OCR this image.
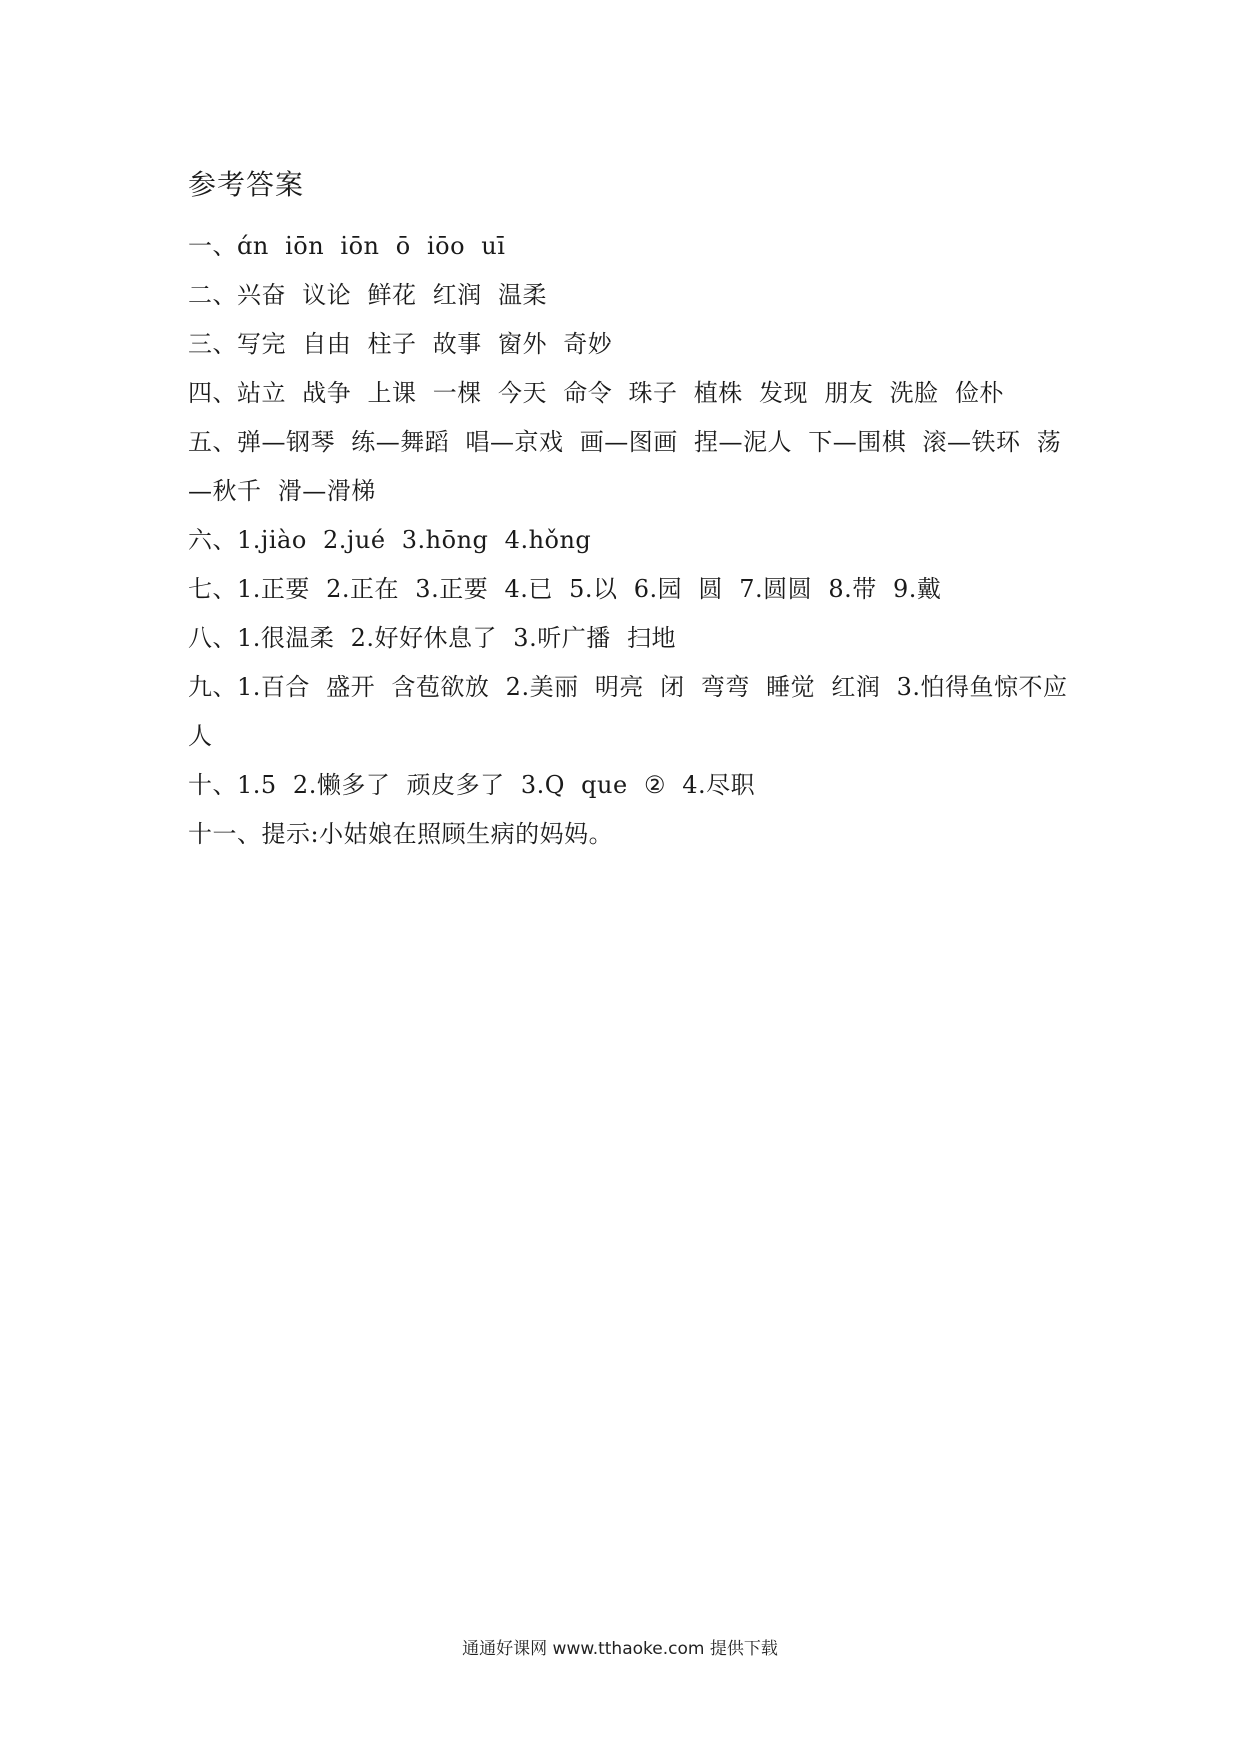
参考答案
一、ɑ́n  iōn  iōn  ō  iōo  uī
二、兴奋  议论  鲜花  红润  温柔
三、写完  自由  柱子  故事  窗外  奇妙
四、站立  战争  上课  一棵  今天  命令  珠子  植株  发现  朋友  洗脸  俭朴
五、弹—钢琴  练—舞蹈  唱—京戏  画—图画  捏—泥人  下—围棋  滚—铁环  荡—秋千  滑—滑梯
六、1.jiào  2.jué  3.hōng  4.hǒng
七、1.正要  2.正在  3.正要  4.已  5.以  6.园  圆  7.圆圆  8.带  9.戴
八、1.很温柔  2.好好休息了  3.听广播  扫地
九、1.百合  盛开  含苞欲放  2.美丽  明亮  闭  弯弯  睡觉  红润  3.怕得鱼惊不应人
十、1.5  2.懒多了  顽皮多了  3.Q  que  ②  4.尽职
十一、提示:小姑娘在照顾生病的妈妈。
通通好课网 www.tthaoke.com 提供下载
